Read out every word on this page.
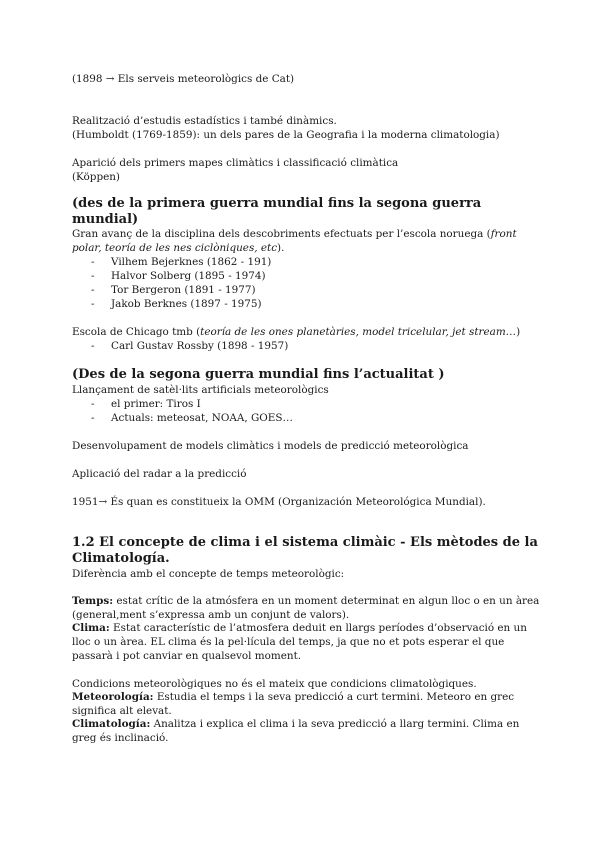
(1898 → Els serveis meteorològics de Cat)

Realització d’estudis estadístics i també dinàmics.

(Humboldt (1769-1859): un dels pares de la Geografia i la moderna climatologia)

Aparició dels primers mapes climàtics i classificació climàtica

(Köppen)

(des de la primera guerra mundial fins la segona guerra mundial)

Gran avanç de la disciplina dels descobriments efectuats per l’escola noruega (front polar, teoría de les nes ciclòniques, etc).

- Vilhem Bejerknes (1862 - 191)
- Halvor Solberg (1895 - 1974)
- Tor Bergeron (1891 - 1977)
- Jakob Berknes (1897 - 1975)

Escola de Chicago tmb (teoría de les ones planetàries, model tricelular, jet stream…)

- Carl Gustav Rossby (1898 - 1957)
(Des de la segona guerra mundial fins l’actualitat )

Llançament de satèl·lits artificials meteorològics

- el primer: Tiros I
- Actuals: meteosat, NOAA, GOES…

Desenvolupament de models climàtics i models de predicció meteorològica

Aplicació del radar a la predicció

1951→ És quan es constitueix la OMM (Organización Meteorológica Mundial).

1.2 El concepte de clima i el sistema climàic - Els mètodes de la Climatología.

Diferència amb el concepte de temps meteorològic:

Temps: estat crític de la atmósfera en un moment determinat en algun lloc o en un àrea (general,ment s’expressa amb un conjunt de valors).

Clima: Estat característic de l’atmosfera deduit en llargs períodes d’observació en un lloc o un àrea. EL clima és la pel·lícula del temps, ja que no et pots esperar el que passarà i pot canviar en qualsevol moment.

Condicions meteorològiques no és el mateix que condicions climatològiques.

Meteorología: Estudia el temps i la seva predicció a curt termini. Meteoro en grec significa alt elevat.

Climatología: Analitza i explica el clima i la seva predicció a llarg termini. Clima en greg és inclinació.
